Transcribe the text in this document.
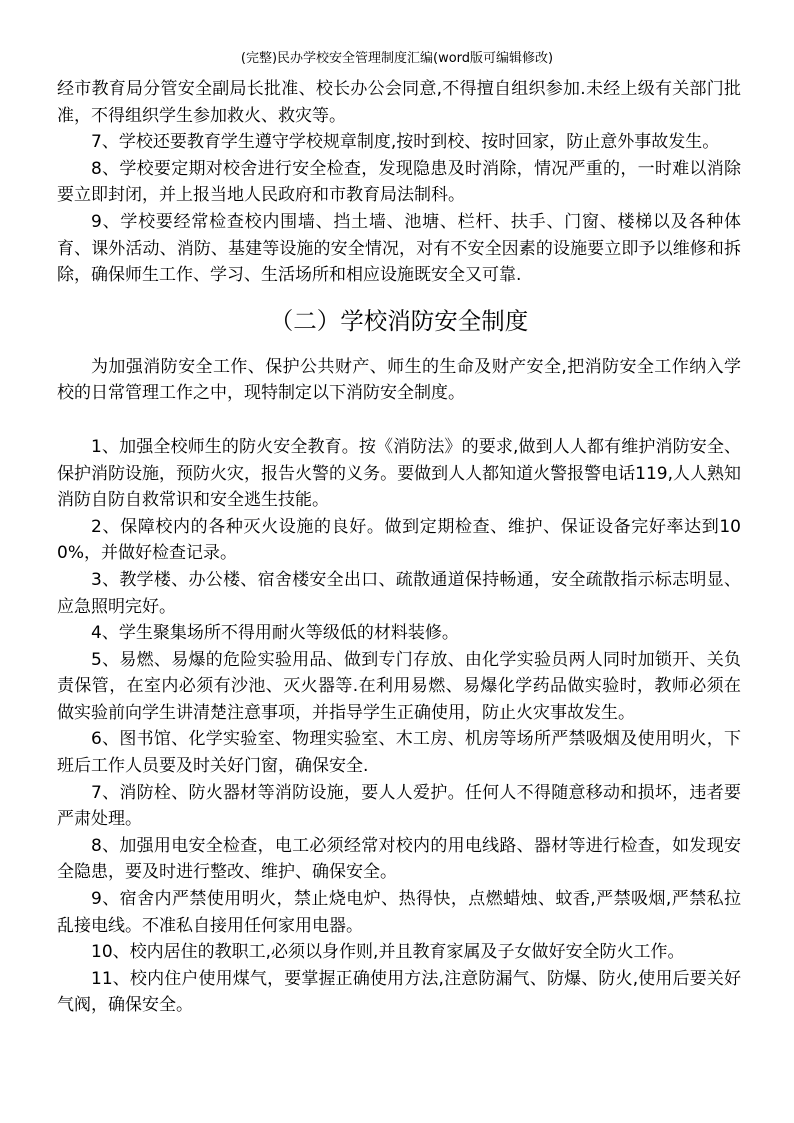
(完整)民办学校安全管理制度汇编(word版可编辑修改)

经市教育局分管安全副局长批准、校长办公会同意,不得擅自组织参加.未经上级有关部门批准，不得组织学生参加救火、救灾等。

7、学校还要教育学生遵守学校规章制度,按时到校、按时回家，防止意外事故发生。

8、学校要定期对校舍进行安全检查，发现隐患及时消除，情况严重的，一时难以消除要立即封闭，并上报当地人民政府和市教育局法制科。

9、学校要经常检查校内围墙、挡土墙、池塘、栏杆、扶手、门窗、楼梯以及各种体育、课外活动、消防、基建等设施的安全情况，对有不安全因素的设施要立即予以维修和拆除，确保师生工作、学习、生活场所和相应设施既安全又可靠.

（二）学校消防安全制度

为加强消防安全工作、保护公共财产、师生的生命及财产安全,把消防安全工作纳入学校的日常管理工作之中，现特制定以下消防安全制度。

1、加强全校师生的防火安全教育。按《消防法》的要求,做到人人都有维护消防安全、保护消防设施，预防火灾，报告火警的义务。要做到人人都知道火警报警电话119,人人熟知消防自防自救常识和安全逃生技能。

2、保障校内的各种灭火设施的良好。做到定期检查、维护、保证设备完好率达到100%，并做好检查记录。

3、教学楼、办公楼、宿舍楼安全出口、疏散通道保持畅通，安全疏散指示标志明显、应急照明完好。

4、学生聚集场所不得用耐火等级低的材料装修。

5、易燃、易爆的危险实验用品、做到专门存放、由化学实验员两人同时加锁开、关负责保管，在室内必须有沙池、灭火器等.在利用易燃、易爆化学药品做实验时，教师必须在做实验前向学生讲清楚注意事项，并指导学生正确使用，防止火灾事故发生。

6、图书馆、化学实验室、物理实验室、木工房、机房等场所严禁吸烟及使用明火，下班后工作人员要及时关好门窗，确保安全.

7、消防栓、防火器材等消防设施，要人人爱护。任何人不得随意移动和损坏，违者要严肃处理。

8、加强用电安全检查，电工必须经常对校内的用电线路、器材等进行检查，如发现安全隐患，要及时进行整改、维护、确保安全。

9、宿舍内严禁使用明火，禁止烧电炉、热得快，点燃蜡烛、蚊香,严禁吸烟,严禁私拉乱接电线。不准私自接用任何家用电器。

10、校内居住的教职工,必须以身作则,并且教育家属及子女做好安全防火工作。

11、校内住户使用煤气，要掌握正确使用方法,注意防漏气、防爆、防火,使用后要关好气阀，确保安全。
